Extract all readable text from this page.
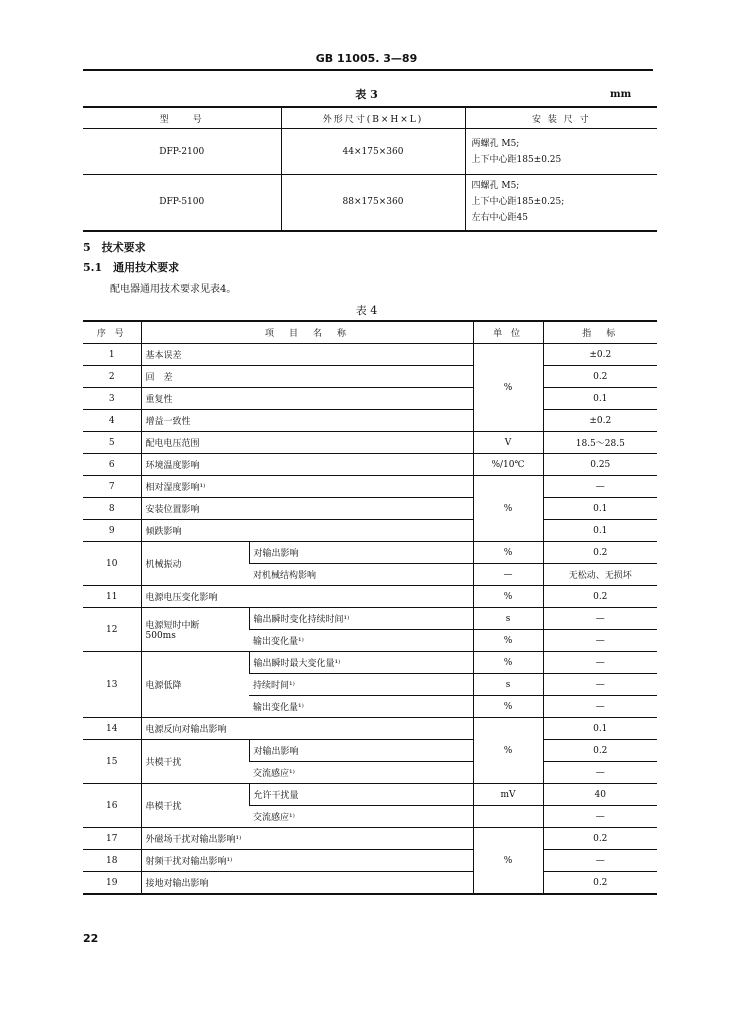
GB 11005. 3—89
表 3	mm
型　　号	外形尺寸(B×H×L)	安 装 尺 寸
DFP-2100	44×175×360	两螺孔 M5;
上下中心距185±0.25

DFP-5100	88×175×360	四螺孔 M5;
上下中心距185±0.25;
左右中心距45
5　技术要求
5.1　通用技术要求
配电器通用技术要求见表4。
表 4
序 号	项　目　名　称		单 位	指　标
1	基本误差		%	±0.2
2	回　差			0.2
3	重复性			0.1
4	增益一致性			±0.2
5	配电电压范围		V	18.5～28.5
6	环境温度影响		%/10℃	0.25
7	相对湿度影响¹⁾		%	—
8	安装位置影响			0.1
9	倾跌影响			0.1
10	机械振动	对输出影响	%	0.2
		对机械结构影响	—	无松动、无损坏
11	电源电压变化影响		%	0.2
12	电源短时中断
500ms	输出瞬时变化持续时间¹⁾	s	—
		输出变化量¹⁾	%	—
13	电源低降	输出瞬时最大变化量¹⁾	%	—
		持续时间¹⁾	s	—
		输出变化量¹⁾	%	—
14	电源反向对输出影响		%	0.1
15	共模干扰	对输出影响		0.2
		交流感应¹⁾		—
16	串模干扰	允许干扰量	mV	40
		交流感应¹⁾		—
17	外磁场干扰对输出影响¹⁾		%	0.2
18	射频干扰对输出影响¹⁾			—
19	接地对输出影响			0.2
22
